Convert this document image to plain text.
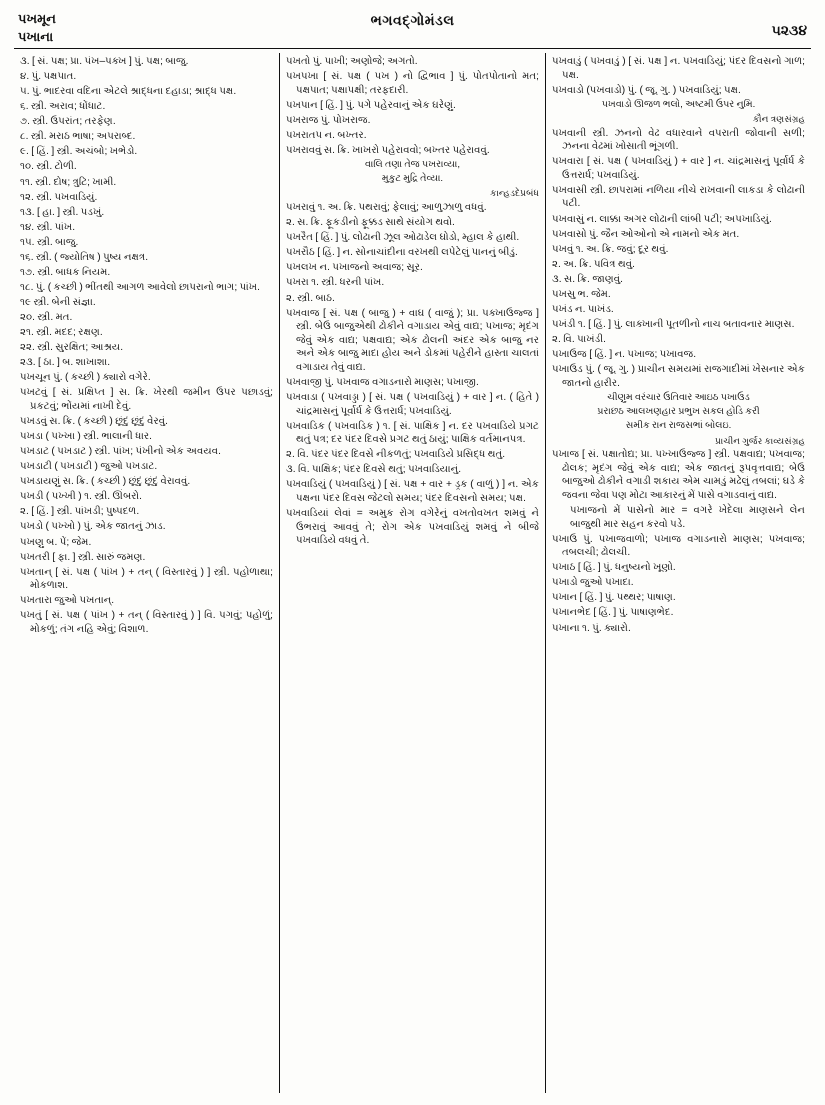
પખમૂન
પખાના
ભગવદ્ગોમંડલ
૫૨૩૪

૩. [ સં. પક્ષ; પ્રા. પંખ–પક્ખ ] પું. પક્ષ; બાજુ.

૪. પું. પક્ષપાત.

૫. પું. ભાદરવા વદિના એટલે શ્રાદ્ધના દહાડા; શ્રાદ્ધ પક્ષ.

૬. સ્ત્રી. અરાવ; ધોંધાટ.

૭. સ્ત્રી. ઉપરાંત; તરફેણ.

૮. સ્ત્રી. મરાઠ ભાષા; અપરાબ્દ.

૯. [ હિં. ] સ્ત્રી. અચંબો; ખભેડો.

૧૦. સ્ત્રી. ટોળી.

૧૧. સ્ત્રી. દોષ; ત્રુટિ; ખામી.

૧૨. સ્ત્રી. પખવાડિયું.

૧૩. [ હા. ] સ્ત્રી. પડખું.

૧૪. સ્ત્રી. પાંખ.

૧૫. સ્ત્રી. બાજુ.

૧૬. સ્ત્રી. ( જ્યોતિષ ) પુષ્ય નક્ષત્ર.

૧૭. સ્ત્રી. બાધક નિયમ.

૧૮. પું. ( કચ્છી ) ભીંતથી આગળ આવેલો છાપરાનો ભાગ; પાંખ.

૧૯ સ્ત્રી. બેની સંજ્ઞા.

૨૦. સ્ત્રી. મત.

૨૧. સ્ત્રી. મદદ; રક્ષણ.

૨૨. સ્ત્રી. સુરક્ષિત; આશ્રય.

૨૩. [ ઠા. ] બ. શાખાશા.

પખચૂન પું. ( કચ્છી ) ક્યારો વગેરે.

પખટવું [ સં. પ્રક્ષિપ્ત ] સ. ક્રિ. ખેરથી જમીન ઉપર પછાડવું; પ્રકટવું; ભોંયમાં નાખી દેવું.

પખડવું સ. ક્રિ. ( કચ્છી ) છૂંદું છૂંદું વેરવું.

પખડા ( પખ્ખા ) સ્ત્રી. ભાલાની ધાર.

પખડાટ ( પખડાટ ) સ્ત્રી. પાંખ; પંખીનો એક અવયવ.

પખડાટી ( પખડાટી ) જુઓ પખડાટ.

પખડાયણું સ. ક્રિ. ( કચ્છી ) છૂંદું છૂંદું વેરાવવું.

પખડી ( પખ્ખી ) ૧. સ્ત્રી. ઊંબરો.

૨. [ હિં. ] સ્ત્રી. પાંખડી; પુષ્પદળ.

પખડો ( પખ્ખો ) પું. એક જાતનું ઝાડ.

પખણુ બ. પેં; જેમ.

પખતરી [ ફા. ] સ્ત્રી. સારું જમણ.

પખતાન્ [ સં. પક્ષ ( પાંખ ) + તન્ ( વિસ્તારવું ) ] સ્ત્રી. પહોળાથા; મોકળાશ.

પખતારા જુઓ પખતાન્.

પખતું [ સં. પક્ષ ( પાંખ ) + તન્ ( વિસ્તારવું ) ] વિ. પગવું; પહોળું; મોકળું; તંગ નહિ એવું; વિશાળ.

પખતો પું. પાખી; અણોજે; અગતો.

પખપખા [ સં. પક્ષ ( પખ ) નો દ્વિભાવ ] પું. પોતપોતાનો મત; પક્ષપાત; પક્ષાપક્ષી; તરફદારી.

પખપાન [ હિં. ] પું. પગે પહેરવાનું એક ઘરેણું.

પખરાજ પું. પોખરાજ.

પખરાતપ ન. બખ્તર.

પખરાવવું સ. ક્રિ. ખાખરો પહેરાવવો; બખ્તર પહેરાવવું.

વાલિ તણા તેજ પખરાવ્યા,

મુકુટ મુદ્રિ તેવ્યા.

કાન્હડદેપ્રબંધ

પખરાવું ૧. અ. ક્રિ. પથરાવું; ફેલાવું; આળુઝાળુ વધવું.

૨. સ. ક્રિ. ફૂકડીનો ફૂક્કડ સાથે સંયોગ થવો.

પખરૈત [ હિં. ] પું. લોઢાની ઝૂલ ઓઢાડેલ ઘોડો, મ્હાલ કે હાથી.

પખરૌઠ [ હિં. ] ન. સોનાચાંદીના વરખથી લપેટેલું પાનનું બીડું.

પખલખ ન. પખાજનો અવાજ; સૂર.

પખરા ૧. સ્ત્રી. ધરની પાંખ.

૨. સ્ત્રી. બાઠ.

પખવાજ [ સં. પક્ષ ( બાજુ ) + વાઘ ( વાજું ); પ્રા. પક્ખાઉજ્જ ] સ્ત્રી. બેઉ બાજુએથી ઢોકીને વગાડાય એવું વાદ્ય; પખાજ; મૃદંગ જેવું એક વાદ્ય; પક્ષવાદ્ય; એક ઢોલની અંદર એક બાજુ નર અને એક બાજુ માદા હોય અને ડોકમાં પહેરીને હાસ્તા ચાલતાં વગાડાય તેવું વાદ્ય.

પખવાજી પું. પખવાજ વગાડનારો માણસ; પખાજી.

પખવાડા ( પખવાડ્ડા ) [ સં. પક્ષ ( પખવાડિયું ) + વાર ] ન. ( હિતે ) ચાંદ્રમાસનું પૂર્વાર્ધ કે ઉત્તરાર્ધ; પખવાડિયું.

પખવાડિક ( પખવાડિક ) ૧. [ સં. પાક્ષિક ] ન. દર પખવાડિયે પ્રગટ થતું પત્ર; દર પંદર દિવસે પ્રગટ થતું ઠાયું; પાક્ષિક વર્તમાનપત્ર.

૨. વિ. પંદર પંદર દિવસે નીકળતું; પખવાડિયે પ્રસિદ્ધ થતું.

૩. વિ. પાક્ષિક; પંદર દિવસે થતું; પખવાડિયાનું.

પખવાડિયું ( પખવાડિયું ) [ સં. પક્ષ + વાર + ડ્રક ( વાળું ) ] ન. એક પક્ષના પંદર દિવસ જેટલો સમય; પંદર દિવસનો સમય; પક્ષ.

પખવાડિયાં લેવાં = અમુક રોગ વગેરેનું વખતોવખત શમવું ને ઉભરાવું આવવું તે; રોગ એક પખવાડિયું શમવું ને બીજે પખવાડિયે વધવું તે.

પખવાડું ( પખવાડું ) [ સં. પક્ષ ] ન. પખવાડિયું; પંદર દિવસનો ગાળ; પક્ષ.

પખવાડો (પખવાડો) પું. ( જૂ. ગુ. ) પખવાડિયું; પક્ષ.

પખવાડો ઊજળ ભલો, અષ્ટમી ઉપર નુમિ.

કૌન ત્રણસંગ્રહ

પખવાની સ્ત્રી. ઝનનો વેઢ વધારવાને વપરાતી જોવાની સળી; ઝનના વેઢમાં ખોસાતી ભૂંગળી.

પખવારા [ સં. પક્ષ ( પખવાડિયું ) + વાર ] ન. ચાંદ્રમાસનું પૂર્વાર્ધ કે ઉત્તરાર્ધ; પખવાડિયું.

પખવાસી સ્ત્રી. છાપરામાં નળિયા નીચે રાખવાની લાકડા કે લોઢાની પટી.

પખવાસું ન. લાક્કા અગર લોઢાની લાંબી પટી; અપખાડિયું.

પખવાસો પું. જૈન ઓઓનો એ નામનો એક મત.

પખવું ૧. અ. ક્રિ. જવું; દૂર થવું.

૨. અ. ક્રિ. પવિત્ર થવું.

૩. સ. ક્રિ. જાણવું.

પખસુ ભ. જેમ.

પખંડ ન. પાખંડ.

પખંડી ૧. [ હિં. ] પું. લાક્ખાની પૂતળીનો નાચ બતાવનાર માણસ.

૨. વિ. પાખંડી.

પખાઉજ [ હિં. ] ન. પખાજ; પખાવજ.

પખાઉડ પું. ( જૂ. ગુ. ) પ્રાચીન સમયમાં રાજગાદીમાં ખેસનાર એક જાતનો હારીર.

ચીણુમ વરંચાર ઉતિવાર આઇઠ પખાઉડ

પ્રરાછઠ આલખણહાર પ્રભુખ સકલ હોડિ કરી

સમીક રાન રાજસભાં બોલઇ.

પ્રાચીન ગુર્જર કાવ્યસંગ્રહ

પખાજ [ સં. પક્ષાતોદ્ય; પ્રા. પખ્ખાઉજ્જ ] સ્ત્રી. પક્ષવાદ્ય; પખવાજ; ઢોલક; મૃદંગ જેવું એક વાદ્ય; એક જાતનું રૂપવૃત્તવાદ્ય; બેઉ બાજુઓ ઢોકીને વગાડી શકાય એમ ચામડું મઢેલું તબલાં; ઘડે કે જવના જેવા પણ મોટા આકારનું મેં પાસે વગાડવાનું વાદ્ય.

પખાજનો મેં પાસેનો માર = વગરે ખેદેલા માણસને લેન બાજુથી માર સહન કરવો પડે.

પખાઉ પું. પખાજવાળો; પખાજ વગાડનારો માણસ; પખવાજ; તબલચી; ઢોલચી.

પખાઠ [ હિં. ] પું. ધનુષ્યનો ખૂણો.

પખાડો જુઓ પખાદા.

પખાન [ હિં. ] પું. પથ્થર; પાષાણ.

પખાનભેદ [ હિં. ] પું. પાષાણભેદ.

પખાના ૧. પું. ક્યારો.
